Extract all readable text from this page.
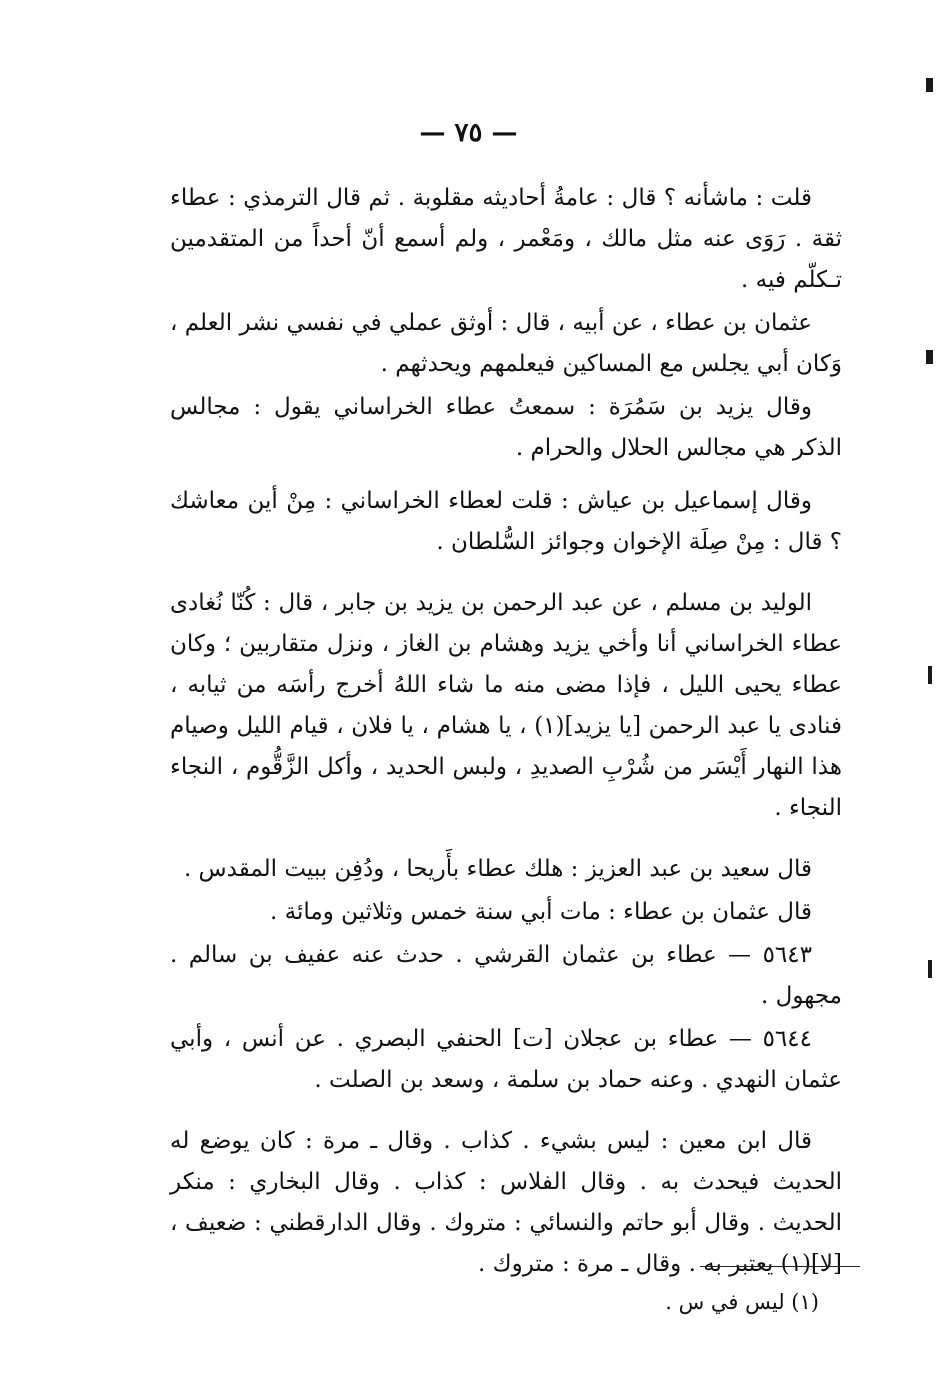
— ٧٥ —

قلت : ماشأنه ؟ قال : عامةُ أحاديثه مقلوبة . ثم قال الترمذي : عطاء ثقة . رَوَى عنه مثل مالك ، ومَعْمر ، ولم أسمع أنّ أحداً من المتقدمين تـكلّم فيه .

عثمان بن عطاء ، عن أبيه ، قال : أوثق عملي في نفسي نشر العلم ، وَكان أبي يجلس مع المساكين فيعلمهم ويحدثهم .

وقال يزيد بن سَمُرَة : سمعتُ عطاء الخراساني يقول : مجالس الذكر هي مجالس الحلال والحرام .

وقال إسماعيل بن عياش : قلت لعطاء الخراساني : مِنْ أين معاشك ؟ قال : مِنْ صِلَة الإخوان وجوائز السُّلطان .

الوليد بن مسلم ، عن عبد الرحمن بن يزيد بن جابر ، قال : كُنّا نُغادى عطاء الخراساني أنا وأخي يزيد وهشام بن الغاز ، ونزل متقاربين ؛ وكان عطاء يحيى الليل ، فإذا مضى منه ما شاء اللهُ أخرج رأسَه من ثيابه ، فنادى يا عبد الرحمن [يا يزيد](١) ، يا هشام ، يا فلان ، قيام الليل وصيام هذا النهار أَيْسَر من شُرْبِ الصديدِ ، ولبس الحديد ، وأكل الزَّقُّوم ، النجاء النجاء .

قال سعيد بن عبد العزيز : هلك عطاء بأَريحا ، ودُفِن ببيت المقدس .

قال عثمان بن عطاء : مات أبي سنة خمس وثلاثين ومائة .

٥٦٤٣ — عطاء بن عثمان القرشي . حدث عنه عفيف بن سالم . مجهول .

٥٦٤٤ — عطاء بن عجلان [ت] الحنفي البصري . عن أنس ، وأبي عثمان النهدي . وعنه حماد بن سلمة ، وسعد بن الصلت .

قال ابن معين : ليس بشيء . كذاب . وقال ـ مرة : كان يوضع له الحديث فيحدث به . وقال الفلاس : كذاب . وقال البخاري : منكر الحديث . وقال أبو حاتم والنسائي : متروك . وقال الدارقطني : ضعيف ، [لا](١) يعتبر به . وقال ـ مرة : متروك .

(١) ليس في س .
